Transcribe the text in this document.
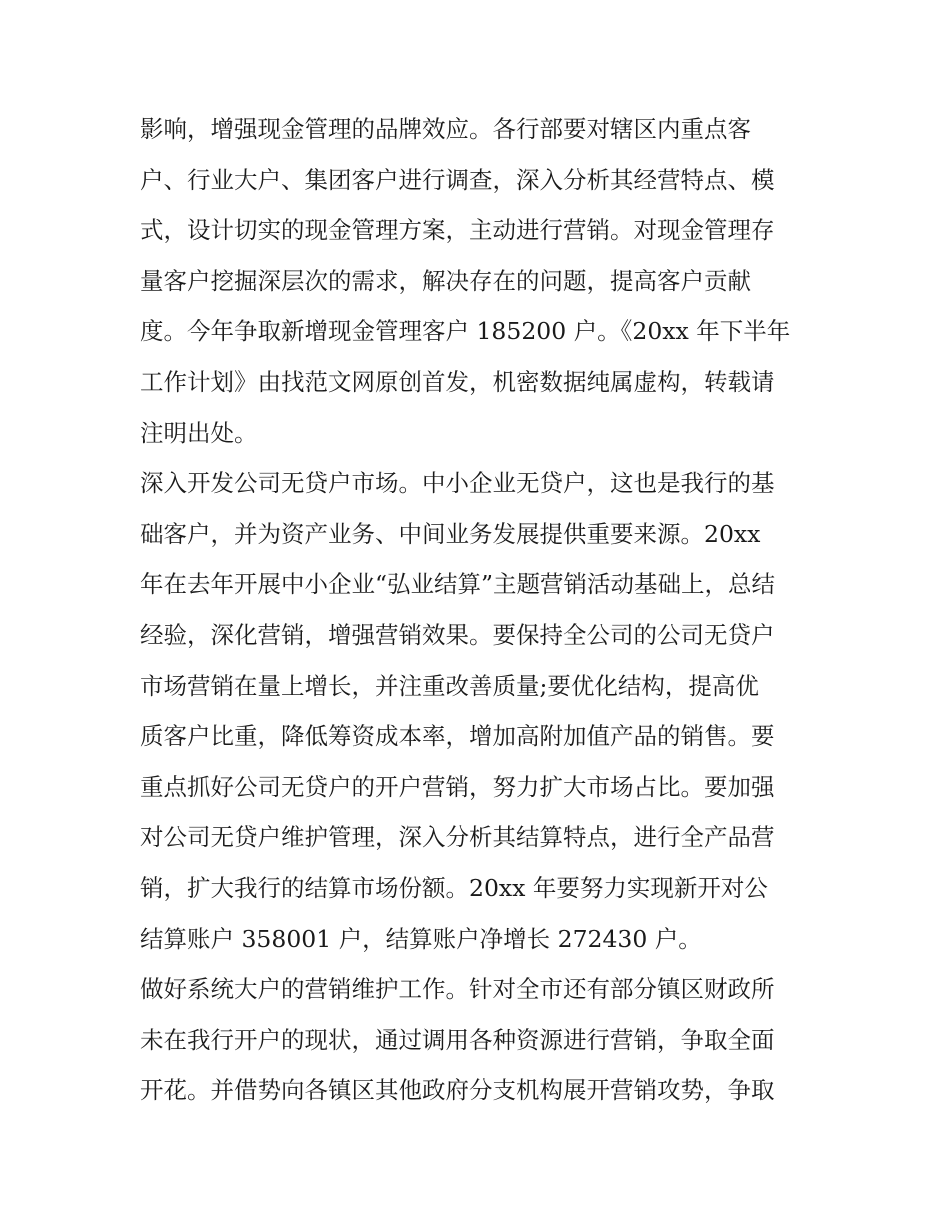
影响，增强现金管理的品牌效应。各行部要对辖区内重点客
户、行业大户、集团客户进行调查，深入分析其经营特点、模
式，设计切实的现金管理方案，主动进行营销。对现金管理存
量客户挖掘深层次的需求，解决存在的问题，提高客户贡献
度。今年争取新增现金管理客户 185200 户。《20xx 年下半年
工作计划》由找范文网原创首发，机密数据纯属虚构，转载请
注明出处。
深入开发公司无贷户市场。中小企业无贷户，这也是我行的基
础客户，并为资产业务、中间业务发展提供重要来源。20xx
年在去年开展中小企业“弘业结算”主题营销活动基础上，总结
经验，深化营销，增强营销效果。要保持全公司的公司无贷户
市场营销在量上增长，并注重改善质量;要优化结构，提高优
质客户比重，降低筹资成本率，增加高附加值产品的销售。要
重点抓好公司无贷户的开户营销，努力扩大市场占比。要加强
对公司无贷户维护管理，深入分析其结算特点，进行全产品营
销，扩大我行的结算市场份额。20xx 年要努力实现新开对公
结算账户 358001 户，结算账户净增长 272430 户。
做好系统大户的营销维护工作。针对全市还有部分镇区财政所
未在我行开户的现状，通过调用各种资源进行营销，争取全面
开花。并借势向各镇区其他政府分支机构展开营销攻势，争取
